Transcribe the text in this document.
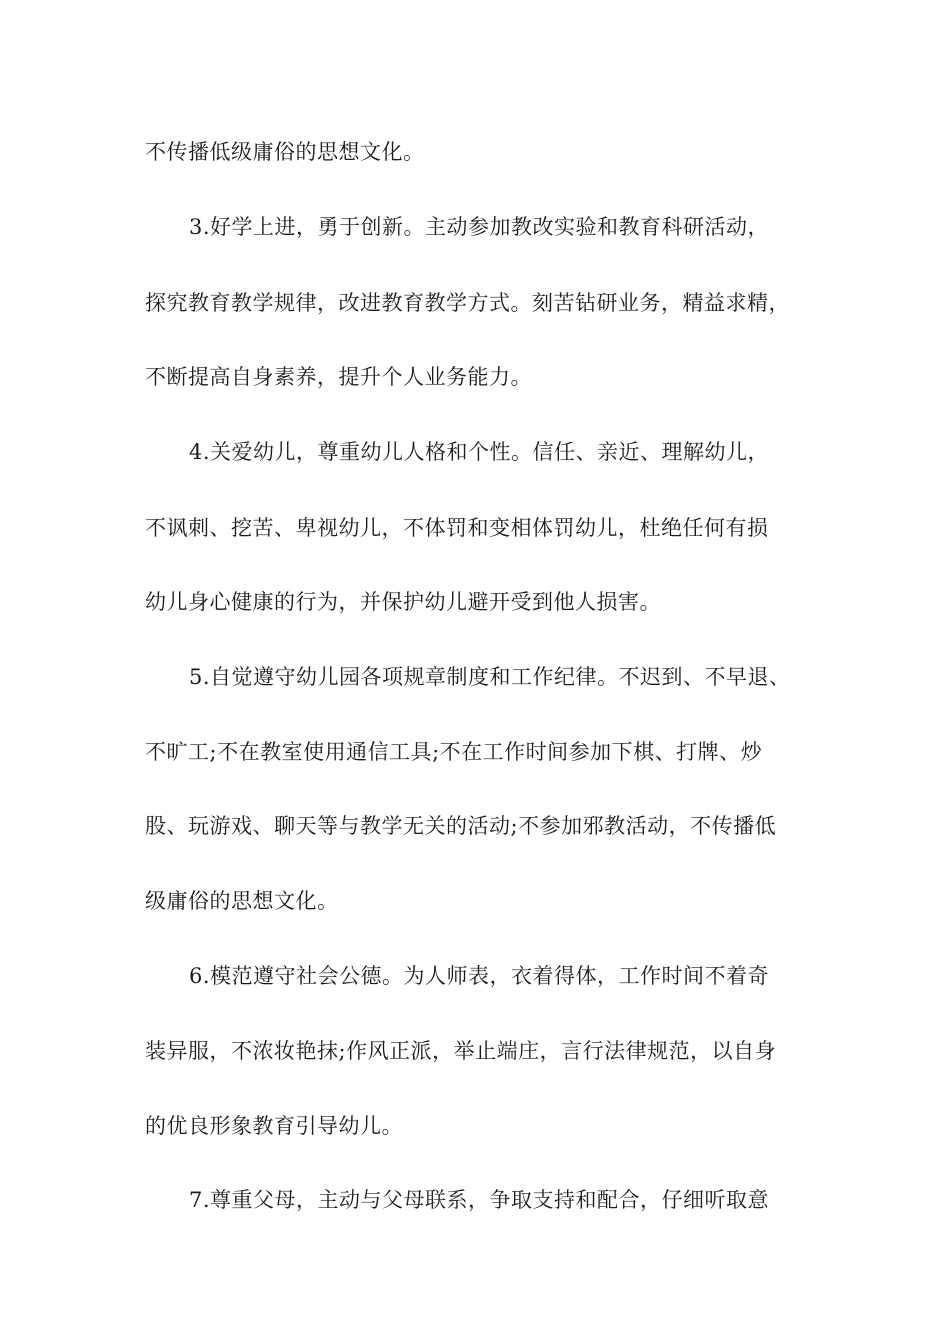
不传播低级庸俗的思想文化。

3.好学上进，勇于创新。主动参加教改实验和教育科研活动，

探究教育教学规律，改进教育教学方式。刻苦钻研业务，精益求精，

不断提高自身素养，提升个人业务能力。

4.关爱幼儿，尊重幼儿人格和个性。信任、亲近、理解幼儿，

不讽刺、挖苦、卑视幼儿，不体罚和变相体罚幼儿，杜绝任何有损

幼儿身心健康的行为，并保护幼儿避开受到他人损害。

5.自觉遵守幼儿园各项规章制度和工作纪律。不迟到、不早退、

不旷工;不在教室使用通信工具;不在工作时间参加下棋、打牌、炒

股、玩游戏、聊天等与教学无关的活动;不参加邪教活动，不传播低

级庸俗的思想文化。

6.模范遵守社会公德。为人师表，衣着得体，工作时间不着奇

装异服，不浓妆艳抹;作风正派，举止端庄，言行法律规范，以自身

的优良形象教育引导幼儿。

7.尊重父母，主动与父母联系，争取支持和配合，仔细听取意
